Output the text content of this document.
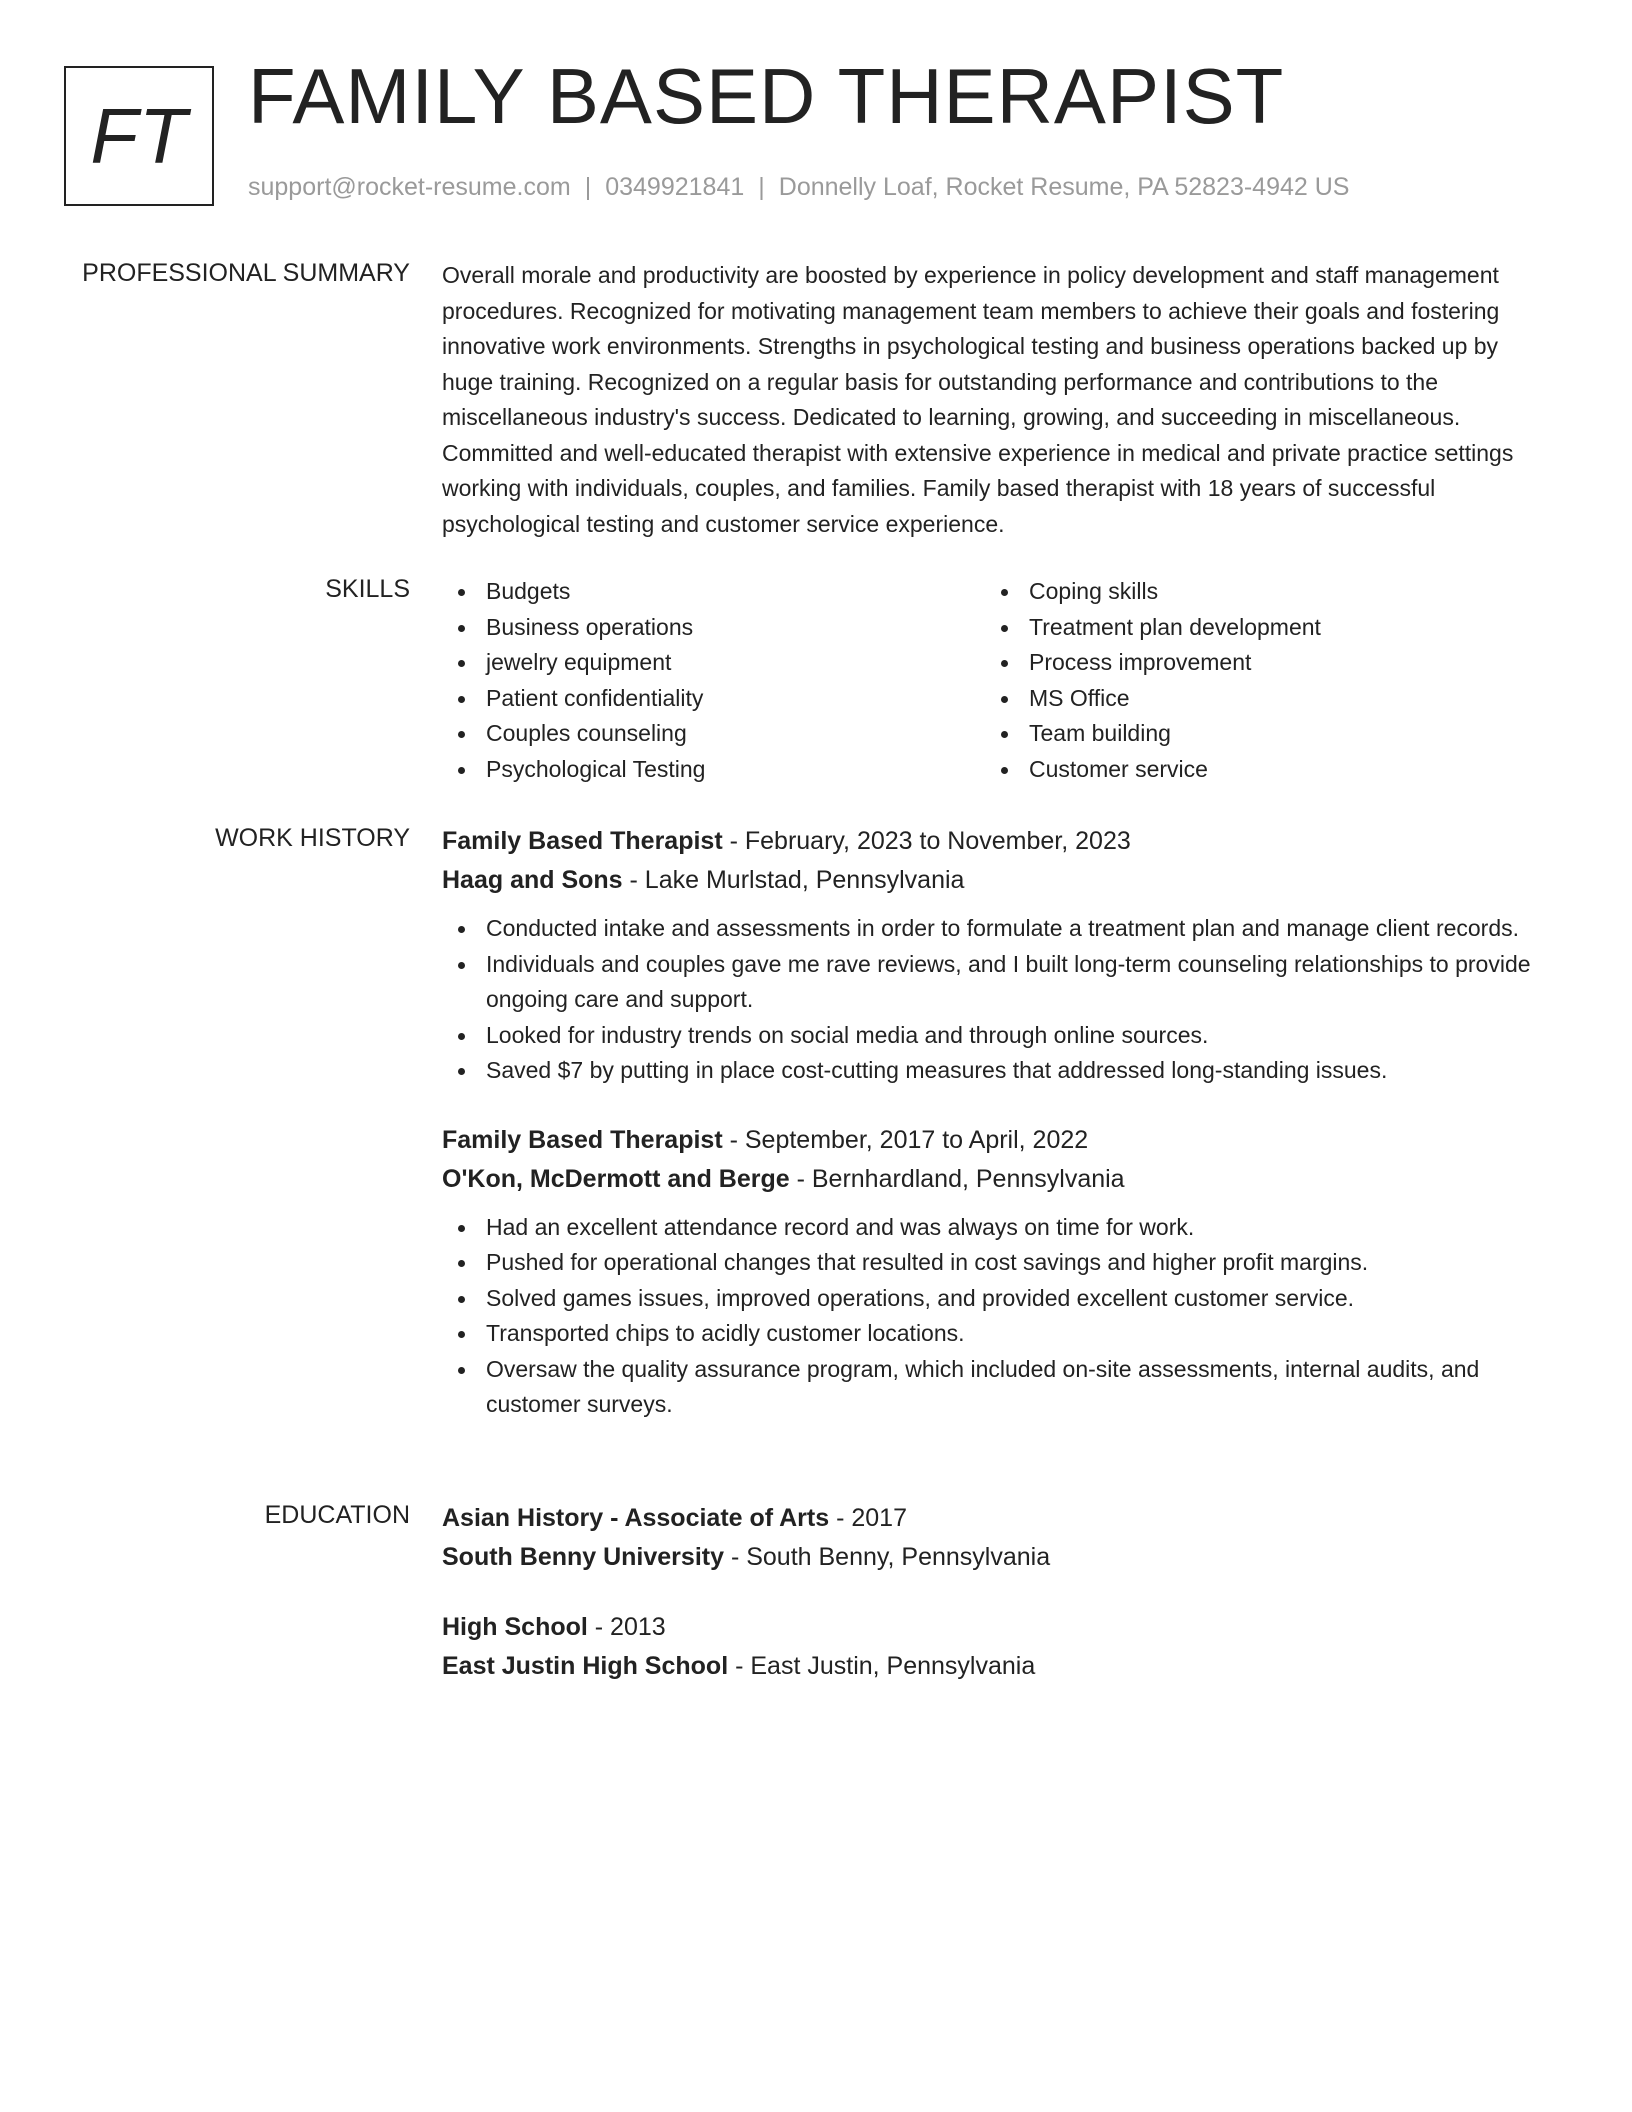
FT FAMILY BASED THERAPIST
support@rocket-resume.com | 0349921841 | Donnelly Loaf, Rocket Resume, PA 52823-4942 US
PROFESSIONAL SUMMARY Overall morale and productivity are boosted by experience in policy development and staff management procedures. Recognized for motivating management team members to achieve their goals and fostering innovative work environments. Strengths in psychological testing and business operations backed up by huge training. Recognized on a regular basis for outstanding performance and contributions to the miscellaneous industry's success. Dedicated to learning, growing, and succeeding in miscellaneous. Committed and well-educated therapist with extensive experience in medical and private practice settings working with individuals, couples, and families. Family based therapist with 18 years of successful psychological testing and customer service experience.

SKILLS	Budgets
Business operations
jewelry equipment
Patient confidentiality
Couples counseling
Psychological Testing
Coping skills
Treatment plan development
Process improvement
MS Office
Team building
Customer service
WORK HISTORY Family Based Therapist - February, 2023 to November, 2023
Haag and Sons - Lake Murlstad, Pennsylvania
Conducted intake and assessments in order to formulate a treatment plan and manage client records.
Individuals and couples gave me rave reviews, and I built long-term counseling relationships to provide ongoing care and support.
Looked for industry trends on social media and through online sources.
Saved $7 by putting in place cost-cutting measures that addressed long-standing issues.
Family Based Therapist - September, 2017 to April, 2022
O'Kon, McDermott and Berge - Bernhardland, Pennsylvania
Had an excellent attendance record and was always on time for work.
Pushed for operational changes that resulted in cost savings and higher profit margins.
Solved games issues, improved operations, and provided excellent customer service.
Transported chips to acidly customer locations.
Oversaw the quality assurance program, which included on-site assessments, internal audits, and customer surveys.
EDUCATION Asian History - Associate of Arts - 2017
South Benny University - South Benny, Pennsylvania
High School - 2013
East Justin High School - East Justin, Pennsylvania
